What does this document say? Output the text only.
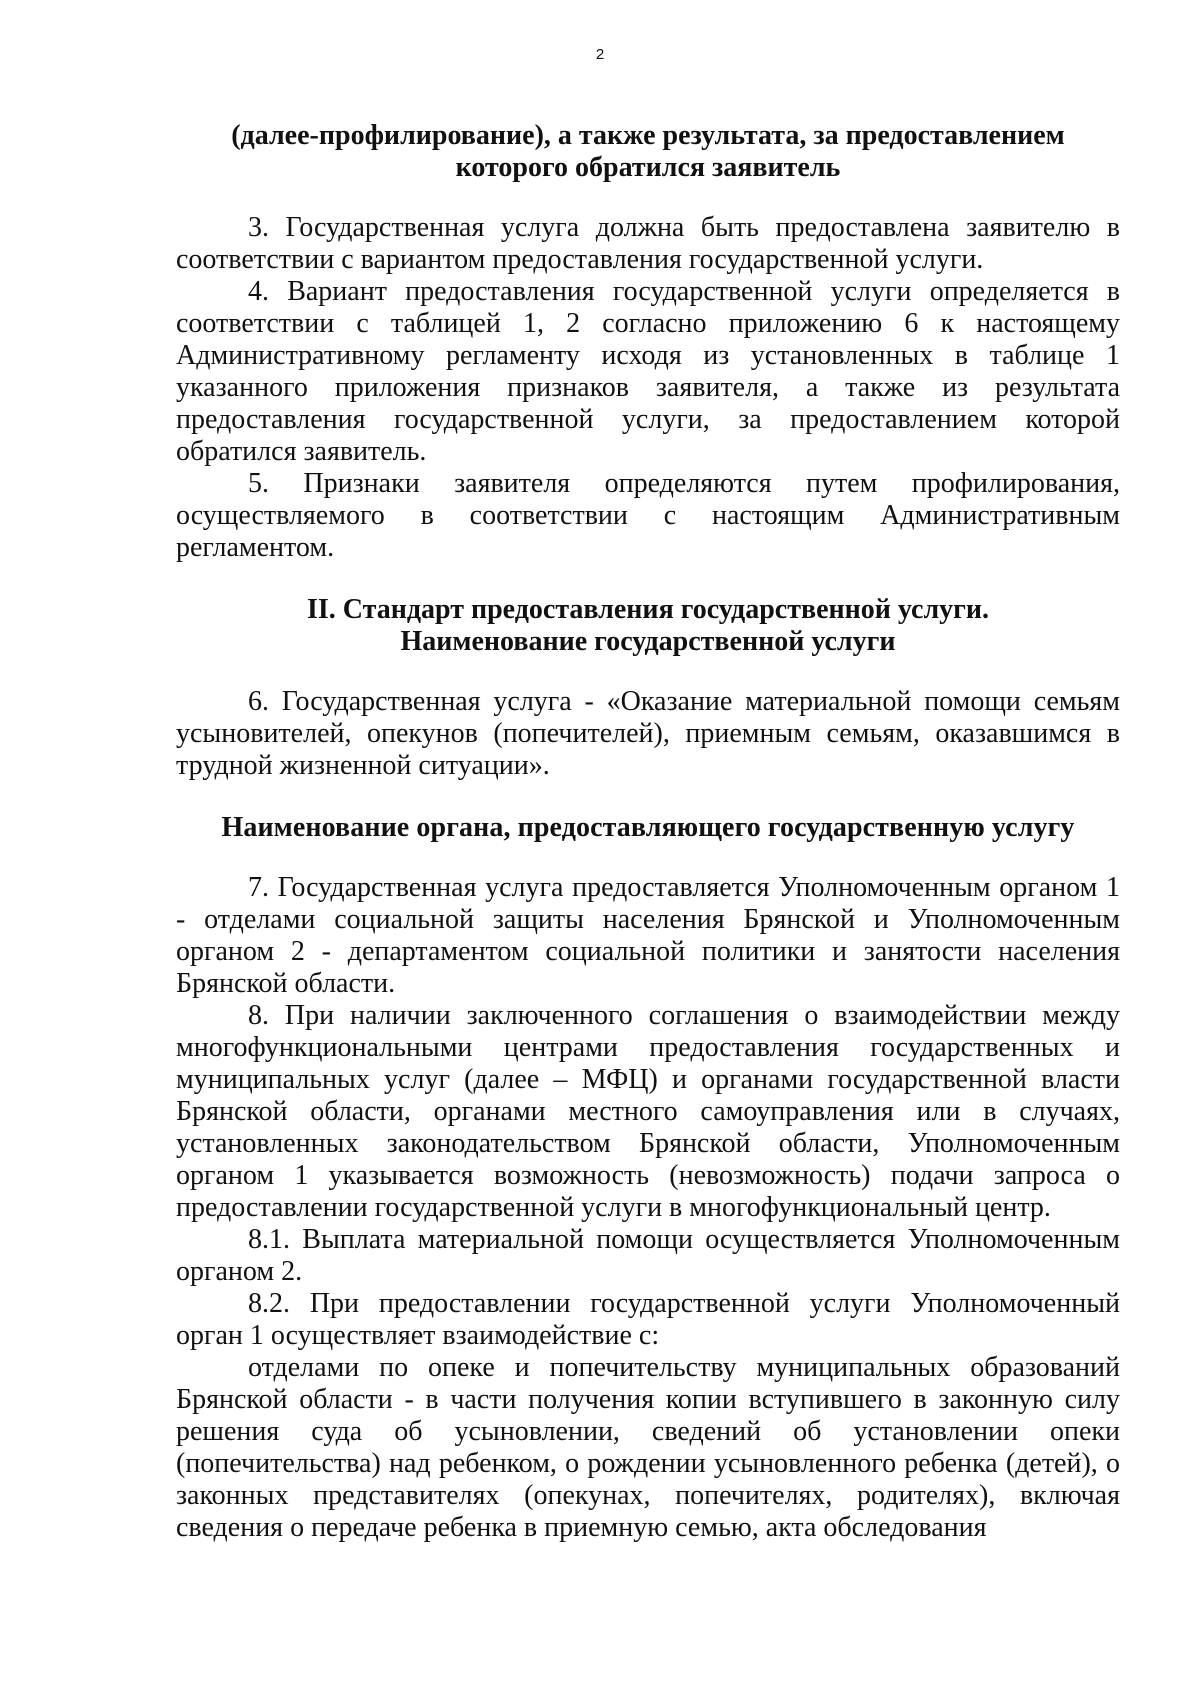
2
(далее-профилирование), а также результата, за предоставлением
которого обратился заявитель

3. Государственная услуга должна быть предоставлена заявителю в соответствии с вариантом предоставления государственной услуги.

4. Вариант предоставления государственной услуги определяется в соответствии с таблицей 1, 2 согласно приложению 6 к настоящему Административному регламенту исходя из установленных в таблице 1 указанного приложения признаков заявителя, а также из результата предоставления государственной услуги, за предоставлением которой обратился заявитель.

5. Признаки заявителя определяются путем профилирования, осуществляемого в соответствии с настоящим Административным регламентом.

II. Стандарт предоставления государственной услуги.
Наименование государственной услуги

6. Государственная услуга - «Оказание материальной помощи семьям усыновителей, опекунов (попечителей), приемным семьям, оказавшимся в трудной жизненной ситуации».

Наименование органа, предоставляющего государственную услугу

7. Государственная услуга предоставляется Уполномоченным органом 1 - отделами социальной защиты населения Брянской и Уполномоченным органом 2 - департаментом социальной политики и занятости населения Брянской области.

8. При наличии заключенного соглашения о взаимодействии между многофункциональными центрами предоставления государственных и муниципальных услуг (далее – МФЦ) и органами государственной власти Брянской области, органами местного самоуправления или в случаях, установленных законодательством Брянской области, Уполномоченным органом 1 указывается возможность (невозможность) подачи запроса о предоставлении государственной услуги в многофункциональный центр.

8.1. Выплата материальной помощи осуществляется Уполномоченным органом 2.

8.2. При предоставлении государственной услуги Уполномоченный орган 1 осуществляет взаимодействие с:

отделами по опеке и попечительству муниципальных образований Брянской области - в части получения копии вступившего в законную силу решения суда об усыновлении, сведений об установлении опеки (попечительства) над ребенком, о рождении усыновленного ребенка (детей), о законных представителях (опекунах, попечителях, родителях), включая сведения о передаче ребенка в приемную семью, акта обследования
